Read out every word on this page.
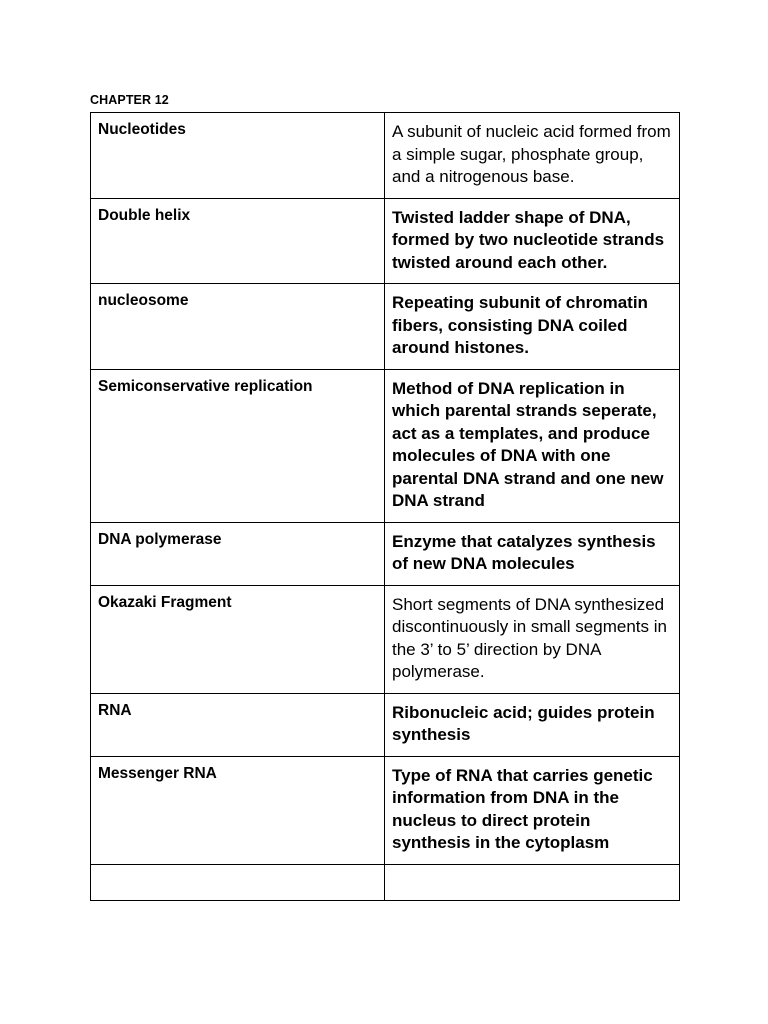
CHAPTER 12
Nucleotides	A subunit of nucleic acid formed from a simple sugar, phosphate group, and a nitrogenous base.
Double helix	Twisted ladder shape of DNA, formed by two nucleotide strands twisted around each other.
nucleosome	Repeating subunit of chromatin fibers, consisting DNA coiled around histones.
Semiconservative replication	Method of DNA replication in which parental strands seperate, act as a templates, and produce molecules of DNA with one parental DNA strand and one new DNA strand
DNA polymerase	Enzyme that catalyzes synthesis of new DNA molecules
Okazaki Fragment	Short segments of DNA synthesized discontinuously in small segments in the 3’ to 5’ direction by DNA polymerase.
RNA	Ribonucleic acid; guides protein synthesis
Messenger RNA	Type of RNA that carries genetic information from DNA in the nucleus to direct protein synthesis in the cytoplasm
